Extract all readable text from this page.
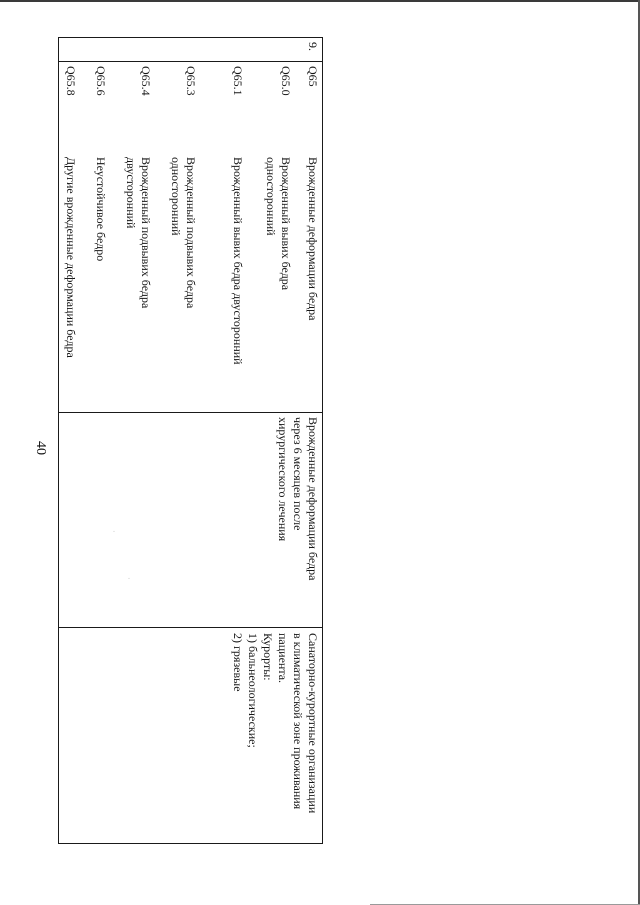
40
9.
Q65
Q65.0
Q65.1
Q65.3
Q65.4
Q65.6
Q65.8
Врожденные деформации бедра
Врожденный вывих бедра
односторонний
Врожденный вывих бедра двусторонний
Врожденный подвывих бедра
односторонний
Врожденный подвывих бедра
двусторонний
Неустойчивое бедро
Другие врожденные деформации бедра
Врожденные деформации бедра
через 6 месяцев после
хирургического лечения
Санаторно-курортные организации
в климатической зоне проживания
пациента.
Курорты:
1) бальнеологические;
2) грязевые
·
·
